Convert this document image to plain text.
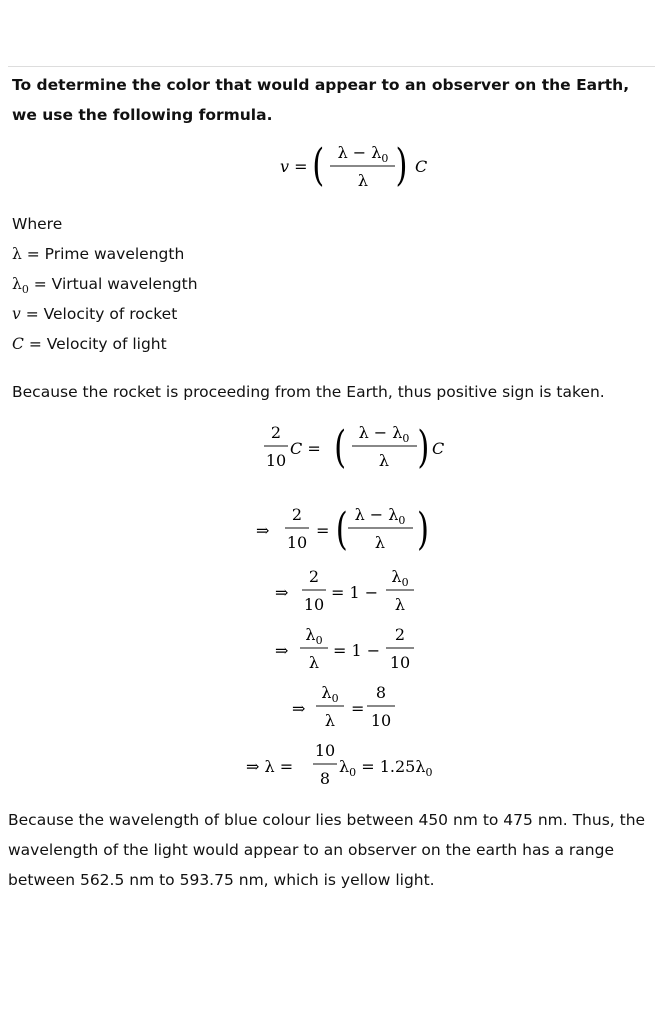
To determine the color that would appear to an observer on the Earth, we use the following formula.
v = ( $\lambda - \lambda_0$
λ ) C
Where
λ = Prime wavelength
$\lambda_0$ = Virtual wavelength
v = Velocity of rocket
C = Velocity of light
Because the rocket is proceeding from the Earth, thus positive sign is taken.
2
10
C = ( $\lambda - \lambda_0$
λ ) C
⇒
2
10
= ( $\lambda - \lambda_0$
λ )
⇒
2
10
= 1 −
$\lambda_0$
λ
⇒
$\lambda_0$
λ
= 1 −
2
10
⇒
$\lambda_0$
λ
=
8
10
⇒ λ =
10
8
$\lambda_0 = 1.25\lambda_0$
Because the wavelength of blue colour lies between 450 nm to 475 nm. Thus, the wavelength of the light would appear to an observer on the earth has a range between 562.5 nm to 593.75 nm, which is yellow light.
